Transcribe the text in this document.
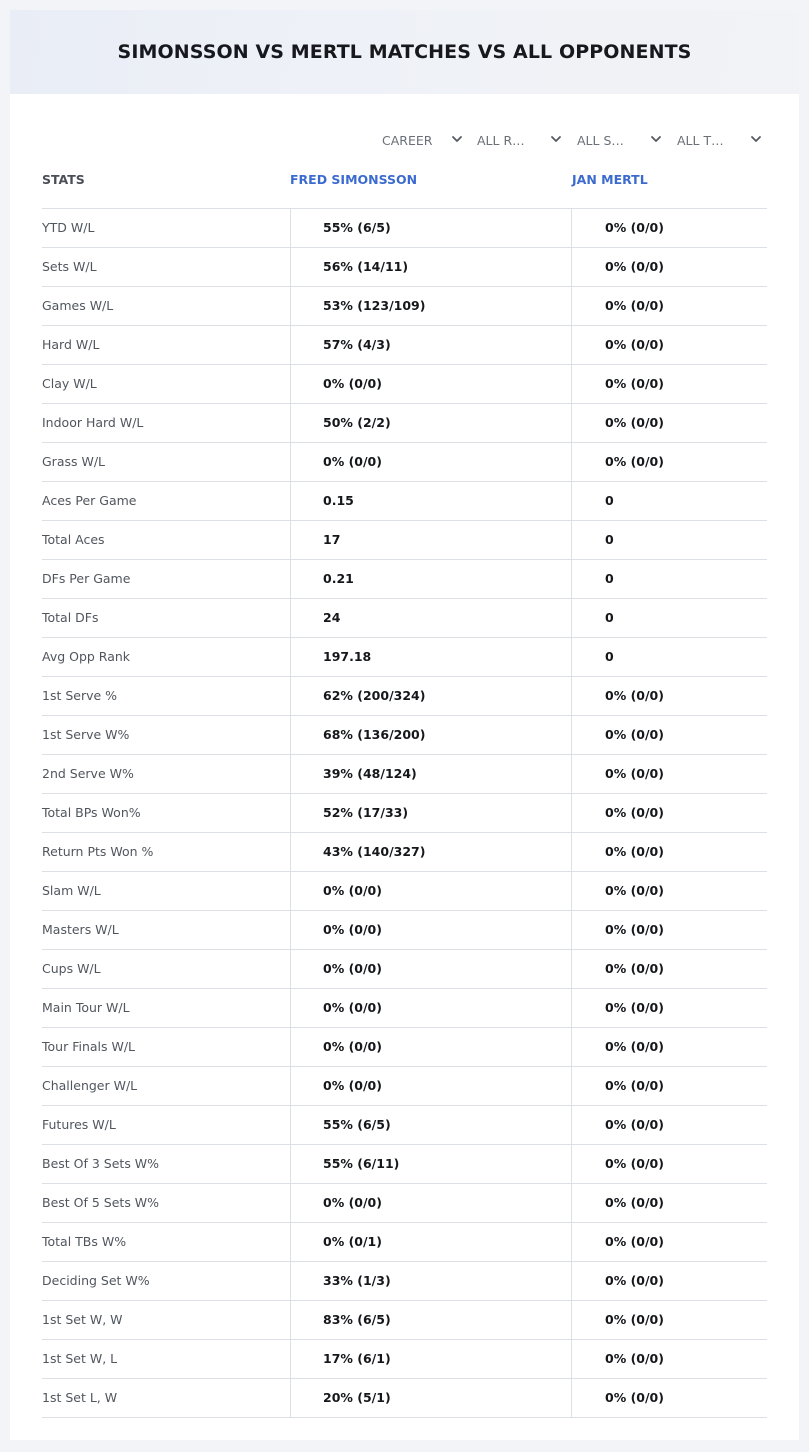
SIMONSSON VS MERTL MATCHES VS ALL OPPONENTS
CAREER	ALL R…	ALL S…	ALL T…
STATS	FRED SIMONSSON	JAN MERTL
YTD W/L	55% (6/5)	0% (0/0)
Sets W/L	56% (14/11)	0% (0/0)
Games W/L	53% (123/109)	0% (0/0)
Hard W/L	57% (4/3)	0% (0/0)
Clay W/L	0% (0/0)	0% (0/0)
Indoor Hard W/L	50% (2/2)	0% (0/0)
Grass W/L	0% (0/0)	0% (0/0)
Aces Per Game	0.15	0
Total Aces	17	0
DFs Per Game	0.21	0
Total DFs	24	0
Avg Opp Rank	197.18	0
1st Serve %	62% (200/324)	0% (0/0)
1st Serve W%	68% (136/200)	0% (0/0)
2nd Serve W%	39% (48/124)	0% (0/0)
Total BPs Won%	52% (17/33)	0% (0/0)
Return Pts Won %	43% (140/327)	0% (0/0)
Slam W/L	0% (0/0)	0% (0/0)
Masters W/L	0% (0/0)	0% (0/0)
Cups W/L	0% (0/0)	0% (0/0)
Main Tour W/L	0% (0/0)	0% (0/0)
Tour Finals W/L	0% (0/0)	0% (0/0)
Challenger W/L	0% (0/0)	0% (0/0)
Futures W/L	55% (6/5)	0% (0/0)
Best Of 3 Sets W%	55% (6/11)	0% (0/0)
Best Of 5 Sets W%	0% (0/0)	0% (0/0)
Total TBs W%	0% (0/1)	0% (0/0)
Deciding Set W%	33% (1/3)	0% (0/0)
1st Set W, W	83% (6/5)	0% (0/0)
1st Set W, L	17% (6/1)	0% (0/0)
1st Set L, W	20% (5/1)	0% (0/0)
